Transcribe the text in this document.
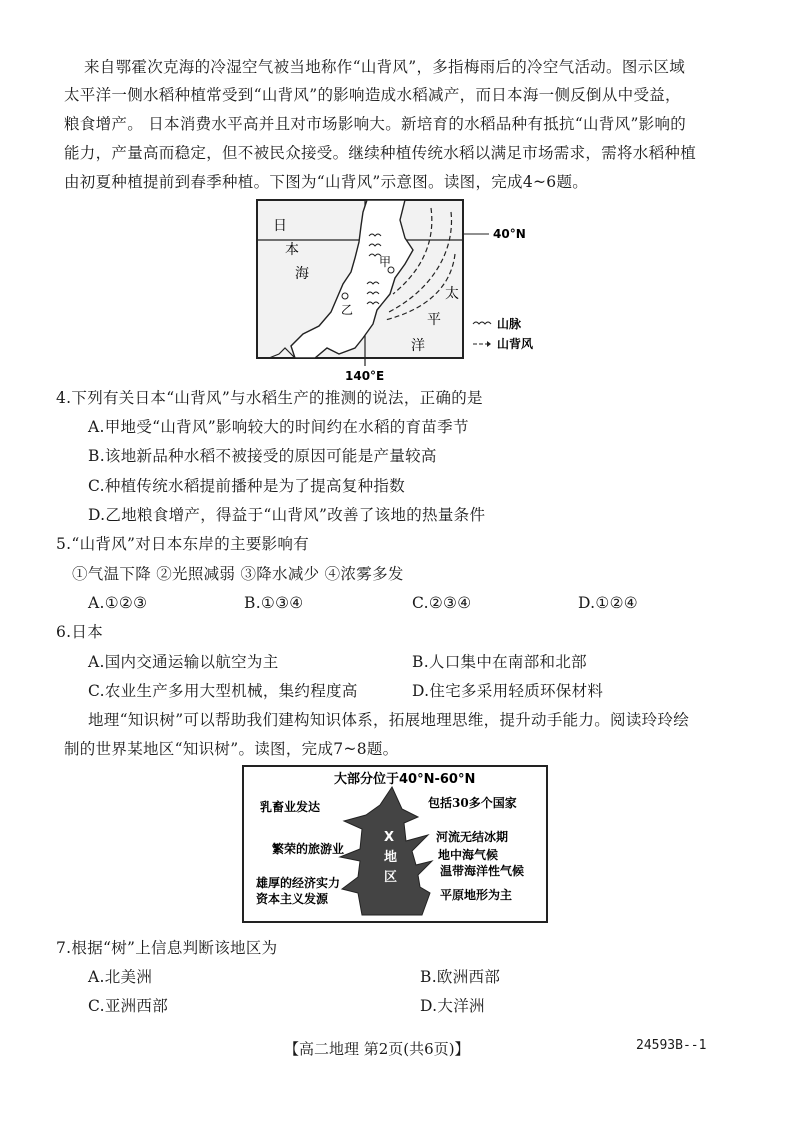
来自鄂霍次克海的冷湿空气被当地称作“山背风”，多指梅雨后的冷空气活动。图示区域
太平洋一侧水稻种植常受到“山背风”的影响造成水稻减产，而日本海一侧反倒从中受益，
粮食增产。 日本消费水平高并且对市场影响大。新培育的水稻品种有抵抗“山背风”影响的
能力，产量高而稳定，但不被民众接受。继续种植传统水稻以满足市场需求，需将水稻种植
由初夏种植提前到春季种植。下图为“山背风”示意图。读图，完成4~6题。
40°N
140°E
日
本
海
太
平
洋
甲
乙
山脉
山背风
4.下列有关日本“山背风”与水稻生产的推测的说法，正确的是
A.甲地受“山背风”影响较大的时间约在水稻的育苗季节
B.该地新品种水稻不被接受的原因可能是产量较高
C.种植传统水稻提前播种是为了提高复种指数
D.乙地粮食增产，得益于“山背风”改善了该地的热量条件
5.“山背风”对日本东岸的主要影响有
①气温下降 ②光照减弱 ③降水减少 ④浓雾多发
A.①②③	B.①③④	C.②③④	D.①②④
6.日本
A.国内交通运输以航空为主	B.人口集中在南部和北部
C.农业生产多用大型机械，集约程度高	D.住宅多采用轻质环保材料
地理“知识树”可以帮助我们建构知识体系，拓展地理思维，提升动手能力。阅读玲玲绘
制的世界某地区“知识树”。读图，完成7~8题。
大部分位于40°N-60°N
X
地
区
乳畜业发达
繁荣的旅游业
雄厚的经济实力
资本主义发源
包括30多个国家
河流无结冰期
地中海气候
温带海洋性气候
平原地形为主
7.根据“树”上信息判断该地区为
A.北美洲	B.欧洲西部
C.亚洲西部	D.大洋洲
【高二地理 第2页(共6页)】	24593B--1
